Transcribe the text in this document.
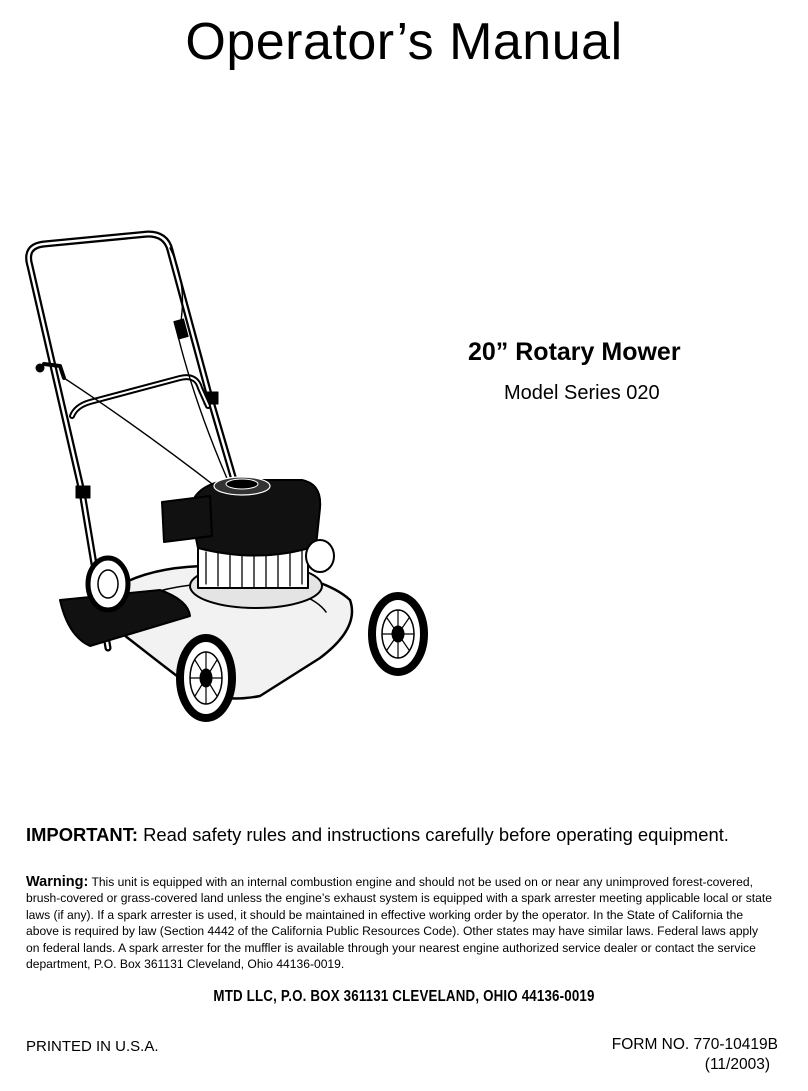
Operator’s Manual
20” Rotary Mower
Model Series 020
IMPORTANT: Read safety rules and instructions carefully before operating equipment.
Warning: This unit is equipped with an internal combustion engine and should not be used on or near any unimproved forest-covered, brush-covered or grass-covered land unless the engine’s exhaust system is equipped with a spark arrester meeting applicable local or state laws (if any). If a spark arrester is used, it should be maintained in effective working order by the operator. In the State of California the above is required by law (Section 4442 of the California Public Resources Code). Other states may have similar laws. Federal laws apply on federal lands. A spark arrester for the muffler is available through your nearest engine authorized service dealer or contact the service department, P.O. Box 361131 Cleveland, Ohio 44136-0019.
MTD LLC, P.O. BOX 361131 CLEVELAND, OHIO 44136-0019
PRINTED IN U.S.A.	FORM NO. 770-10419B
(11/2003)
